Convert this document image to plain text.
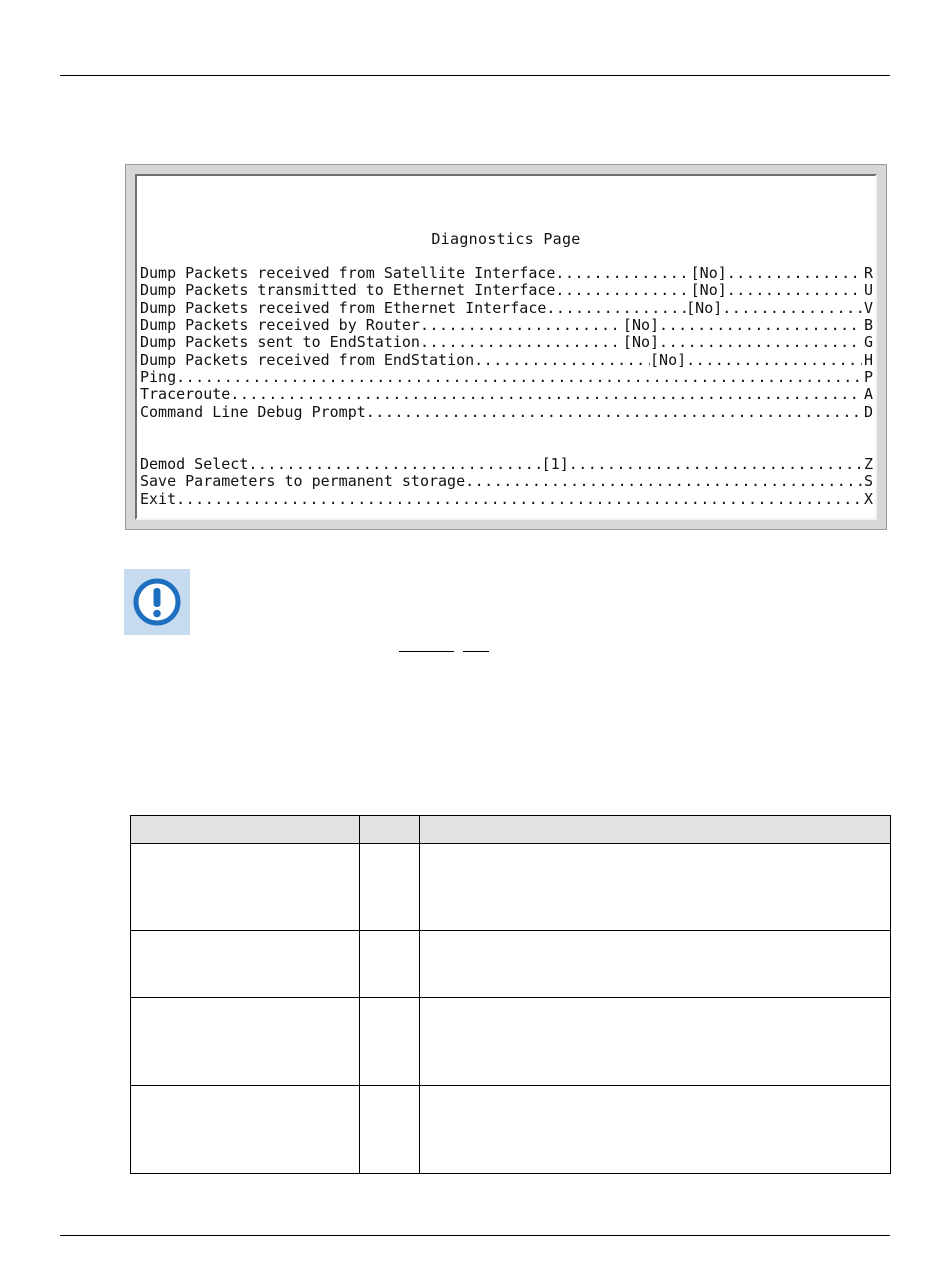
Diagnostics Page
Dump Packets received from Satellite Interface .....	[No] .....	R
Dump Packets transmitted to Ethernet Interface .....	[No] .....	U
Dump Packets received from Ethernet Interface .....	[No] .....	V
Dump Packets received by Router .....	[No] .....	B
Dump Packets sent to EndStation .....	[No] .....	G
Dump Packets received from EndStation .....	[No] .....	H
Ping .....	P
Traceroute .....	A
Command Line Debug Prompt .....	D
Demod Select .....	[1] .....	Z
Save Parameters to permanent storage .....	S
Exit .....	X
